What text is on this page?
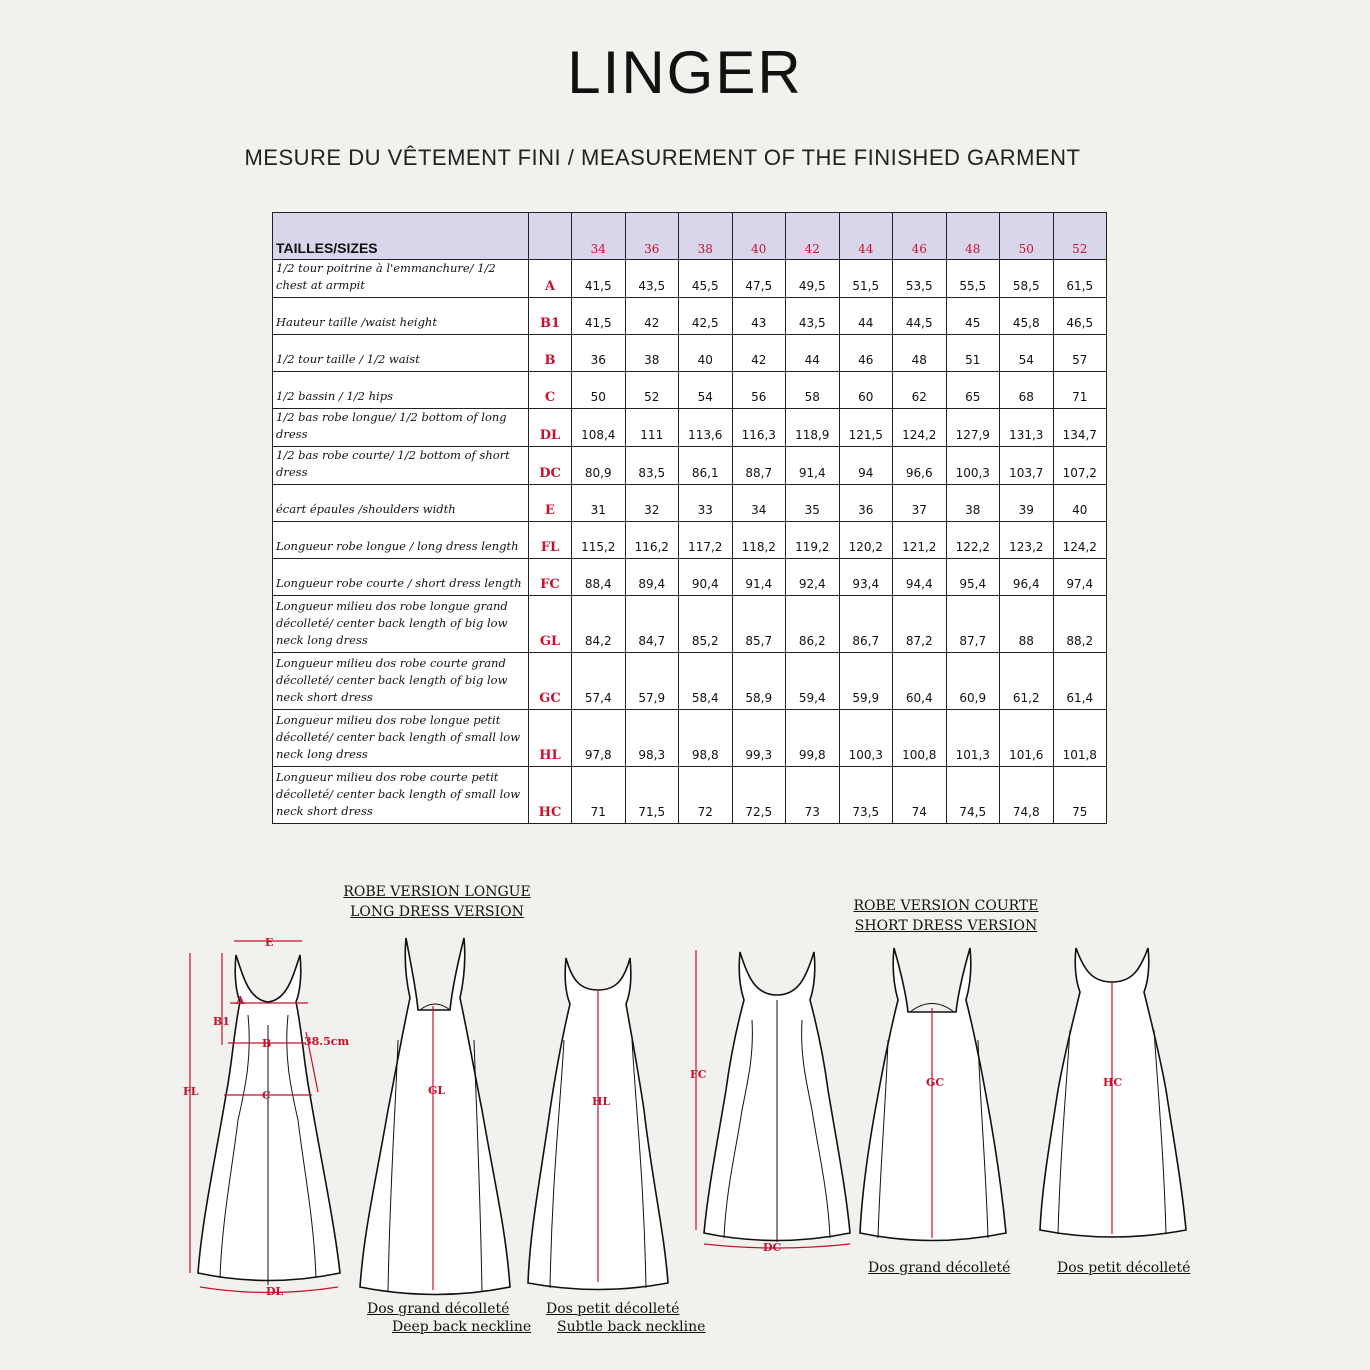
LINGER
MESURE DU VÊTEMENT FINI / MEASUREMENT OF THE FINISHED GARMENT
TAILLES/SIZES		34	36	38	40	42	44	46	48	50	52
1/2 tour poitrine à l'emmanchure/ 1/2 chest at armpit	A	41,5	43,5	45,5	47,5	49,5	51,5	53,5	55,5	58,5	61,5
Hauteur taille /waist height	B1	41,5	42	42,5	43	43,5	44	44,5	45	45,8	46,5
1/2 tour taille / 1/2 waist	B	36	38	40	42	44	46	48	51	54	57
1/2 bassin / 1/2 hips	C	50	52	54	56	58	60	62	65	68	71
1/2 bas robe longue/ 1/2 bottom of long dress	DL	108,4	111	113,6	116,3	118,9	121,5	124,2	127,9	131,3	134,7
1/2 bas robe courte/ 1/2 bottom of short dress	DC	80,9	83,5	86,1	88,7	91,4	94	96,6	100,3	103,7	107,2
écart épaules /shoulders width	E	31	32	33	34	35	36	37	38	39	40
Longueur robe longue / long dress length	FL	115,2	116,2	117,2	118,2	119,2	120,2	121,2	122,2	123,2	124,2
Longueur robe courte / short dress length	FC	88,4	89,4	90,4	91,4	92,4	93,4	94,4	95,4	96,4	97,4
Longueur milieu dos robe longue grand décolleté/ center back length of big low neck long dress	GL	84,2	84,7	85,2	85,7	86,2	86,7	87,2	87,7	88	88,2
Longueur milieu dos robe courte grand décolleté/ center back length of big low neck short dress	GC	57,4	57,9	58,4	58,9	59,4	59,9	60,4	60,9	61,2	61,4
Longueur milieu dos robe longue petit décolleté/ center back length of small low neck long dress	HL	97,8	98,3	98,8	99,3	99,8	100,3	100,8	101,3	101,6	101,8
Longueur milieu dos robe courte petit décolleté/ center back length of small low neck short dress	HC	71	71,5	72	72,5	73	73,5	74	74,5	74,8	75
ROBE VERSION LONGUE
LONG DRESS VERSION	ROBE VERSION COURTE
SHORT DRESS VERSION
E
A
B1
B	38.5cm
C
FL
DL
GL
HL
FC
DC
GC	HC
Dos grand décolleté
Deep back neckline
Dos petit décolleté
Subtle back neckline
Dos grand décolleté	Dos petit décolleté
